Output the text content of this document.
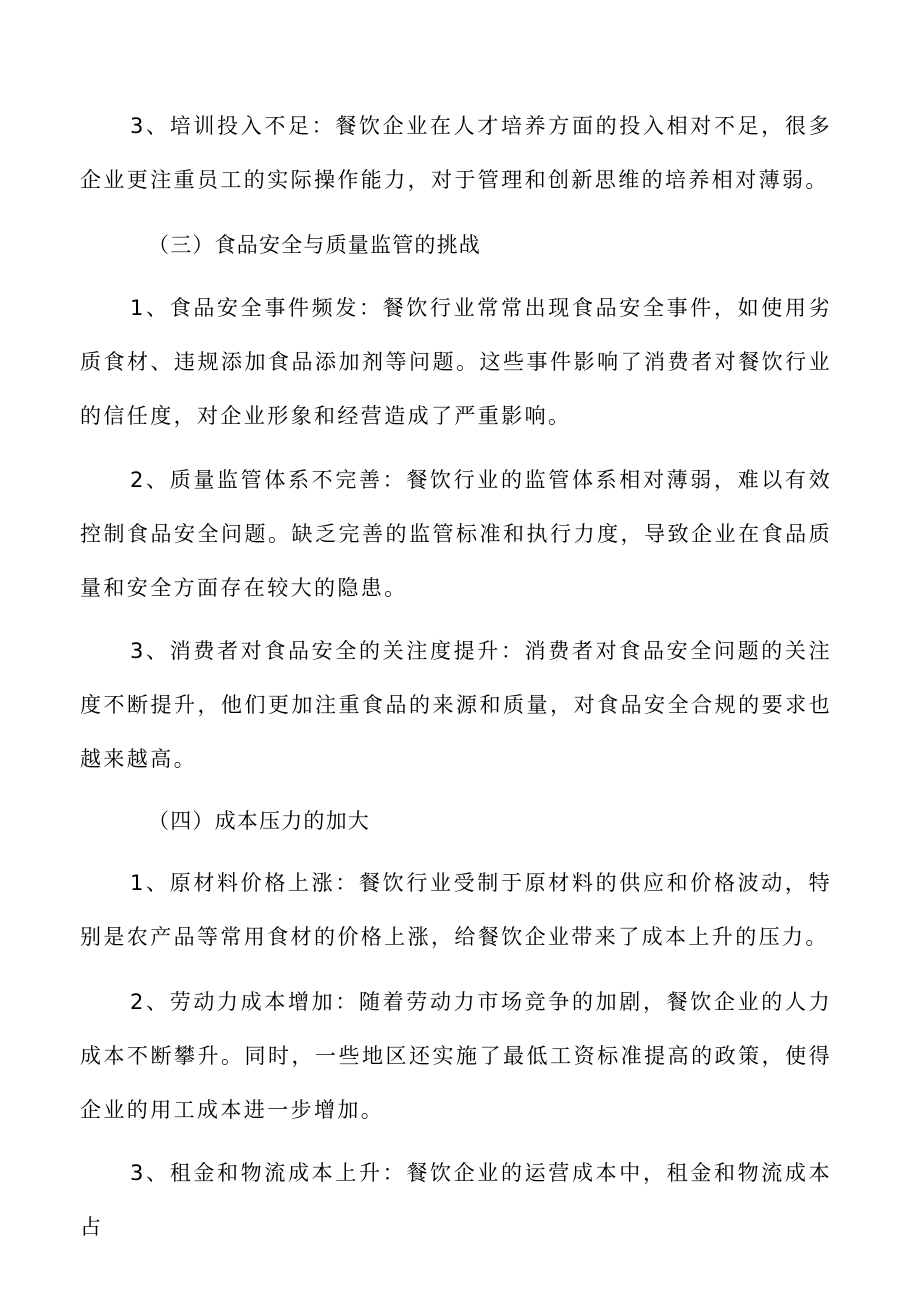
3、培训投入不足：餐饮企业在人才培养方面的投入相对不足，很多企业更注重员工的实际操作能力，对于管理和创新思维的培养相对薄弱。

（三）食品安全与质量监管的挑战

1、食品安全事件频发：餐饮行业常常出现食品安全事件，如使用劣质食材、违规添加食品添加剂等问题。这些事件影响了消费者对餐饮行业的信任度，对企业形象和经营造成了严重影响。

2、质量监管体系不完善：餐饮行业的监管体系相对薄弱，难以有效控制食品安全问题。缺乏完善的监管标准和执行力度，导致企业在食品质量和安全方面存在较大的隐患。

3、消费者对食品安全的关注度提升：消费者对食品安全问题的关注度不断提升，他们更加注重食品的来源和质量，对食品安全合规的要求也越来越高。

（四）成本压力的加大

1、原材料价格上涨：餐饮行业受制于原材料的供应和价格波动，特别是农产品等常用食材的价格上涨，给餐饮企业带来了成本上升的压力。

2、劳动力成本增加：随着劳动力市场竞争的加剧，餐饮企业的人力成本不断攀升。同时，一些地区还实施了最低工资标准提高的政策，使得企业的用工成本进一步增加。

3、租金和物流成本上升：餐饮企业的运营成本中，租金和物流成本占
